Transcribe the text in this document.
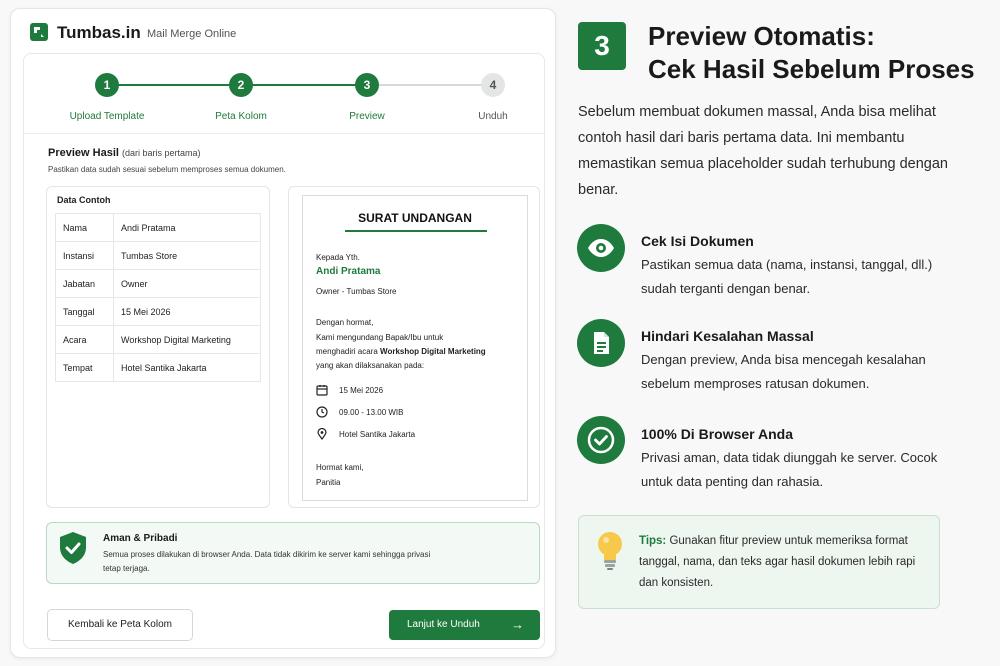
Tumbas.in Mail Merge Online
1	2	3	4
Upload Template	Peta Kolom	Preview	Unduh
Preview Hasil (dari baris pertama)
Pastikan data sudah sesuai sebelum memproses semua dokumen.
Data Contoh
Nama	Andi Pratama
Instansi	Tumbas Store
Jabatan	Owner
Tanggal	15 Mei 2026
Acara	Workshop Digital Marketing
Tempat	Hotel Santika Jakarta
SURAT UNDANGAN
Kepada Yth.
Andi Pratama
Owner - Tumbas Store
Dengan hormat,
Kami mengundang Bapak/Ibu untuk
menghadiri acara Workshop Digital Marketing
yang akan dilaksanakan pada:
15 Mei 2026
09.00 - 13.00 WIB
Hotel Santika Jakarta
Hormat kami,
Panitia
Aman & Pribadi
Semua proses dilakukan di browser Anda. Data tidak dikirim ke server kami sehingga privasi tetap terjaga.
Kembali ke Peta Kolom	Lanjut ke Unduh →
3	Preview Otomatis:
Cek Hasil Sebelum Proses
Sebelum membuat dokumen massal, Anda bisa melihat contoh hasil dari baris pertama data. Ini membantu memastikan semua placeholder sudah terhubung dengan benar.
Cek Isi Dokumen
Pastikan semua data (nama, instansi, tanggal, dll.) sudah terganti dengan benar.
Hindari Kesalahan Massal
Dengan preview, Anda bisa mencegah kesalahan sebelum memproses ratusan dokumen.
100% Di Browser Anda
Privasi aman, data tidak diunggah ke server. Cocok untuk data penting dan rahasia.
Tips: Gunakan fitur preview untuk memeriksa format tanggal, nama, dan teks agar hasil dokumen lebih rapi dan konsisten.
